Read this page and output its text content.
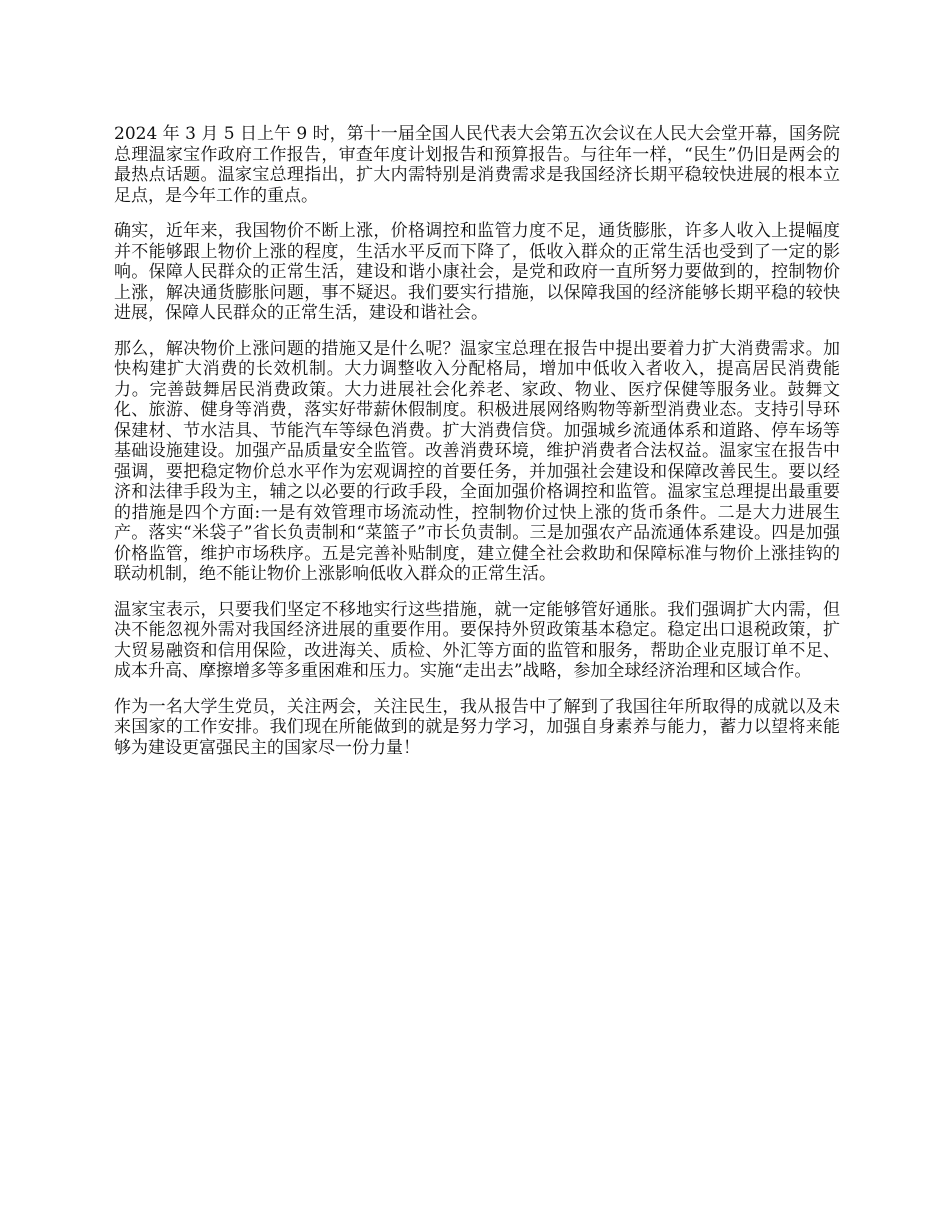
2024 年 3 月 5 日上午 9 时，第十一届全国人民代表大会第五次会议在人民大会堂开幕，国务院总理温家宝作政府工作报告，审查年度计划报告和预算报告。与往年一样，“民生”仍旧是两会的最热点话题。温家宝总理指出，扩大内需特别是消费需求是我国经济长期平稳较快进展的根本立足点，是今年工作的重点。

确实，近年来，我国物价不断上涨，价格调控和监管力度不足，通货膨胀，许多人收入上提幅度并不能够跟上物价上涨的程度，生活水平反而下降了，低收入群众的正常生活也受到了一定的影响。保障人民群众的正常生活，建设和谐小康社会，是党和政府一直所努力要做到的，控制物价上涨，解决通货膨胀问题，事不疑迟。我们要实行措施，以保障我国的经济能够长期平稳的较快进展，保障人民群众的正常生活，建设和谐社会。

那么，解决物价上涨问题的措施又是什么呢？温家宝总理在报告中提出要着力扩大消费需求。加快构建扩大消费的长效机制。大力调整收入分配格局，增加中低收入者收入，提高居民消费能力。完善鼓舞居民消费政策。大力进展社会化养老、家政、物业、医疗保健等服务业。鼓舞文化、旅游、健身等消费，落实好带薪休假制度。积极进展网络购物等新型消费业态。支持引导环保建材、节水洁具、节能汽车等绿色消费。扩大消费信贷。加强城乡流通体系和道路、停车场等基础设施建设。加强产品质量安全监管。改善消费环境，维护消费者合法权益。温家宝在报告中强调，要把稳定物价总水平作为宏观调控的首要任务，并加强社会建设和保障改善民生。要以经济和法律手段为主，辅之以必要的行政手段，全面加强价格调控和监管。温家宝总理提出最重要的措施是四个方面:一是有效管理市场流动性，控制物价过快上涨的货币条件。二是大力进展生产。落实“米袋子”省长负责制和“菜篮子”市长负责制。三是加强农产品流通体系建设。四是加强价格监管，维护市场秩序。五是完善补贴制度，建立健全社会救助和保障标准与物价上涨挂钩的联动机制，绝不能让物价上涨影响低收入群众的正常生活。

温家宝表示，只要我们坚定不移地实行这些措施，就一定能够管好通胀。我们强调扩大内需，但决不能忽视外需对我国经济进展的重要作用。要保持外贸政策基本稳定。稳定出口退税政策，扩大贸易融资和信用保险，改进海关、质检、外汇等方面的监管和服务，帮助企业克服订单不足、成本升高、摩擦增多等多重困难和压力。实施“走出去”战略，参加全球经济治理和区域合作。

作为一名大学生党员，关注两会，关注民生，我从报告中了解到了我国往年所取得的成就以及未来国家的工作安排。我们现在所能做到的就是努力学习，加强自身素养与能力，蓄力以望将来能够为建设更富强民主的国家尽一份力量！
